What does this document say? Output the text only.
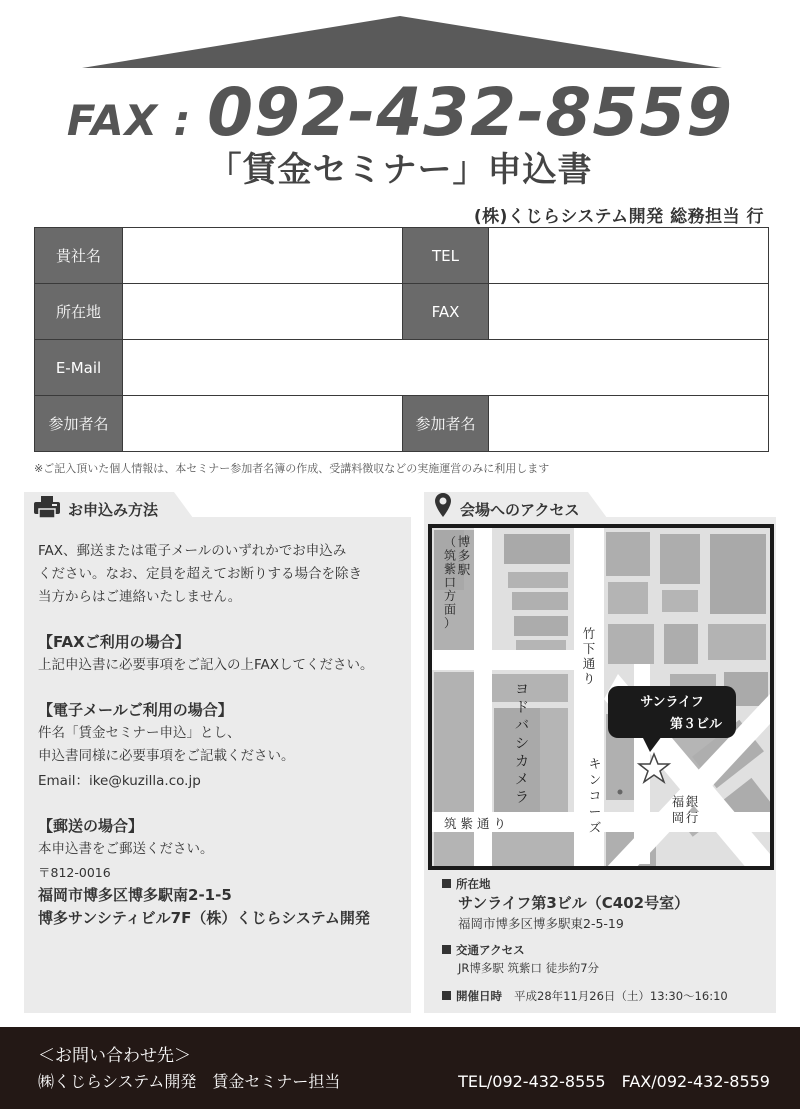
FAX : 092-432-8559
「賃金セミナー」申込書
(株)くじらシステム開発 総務担当 行
貴社名		TEL	
所在地		FAX	
E-Mail			
参加者名		参加者名	
※ご記入頂いた個人情報は、本セミナー参加者名簿の作成、受講料徴収などの実施運営のみに利用します
お申込み方法
FAX、郵送または電子メールのいずれかでお申込み
ください。なお、定員を超えてお断りする場合を除き
当方からはご連絡いたしません。
【FAXご利用の場合】
上記申込書に必要事項をご記入の上FAXしてください。
【電子メールご利用の場合】
件名「賃金セミナー申込」とし、
申込書同様に必要事項をご記載ください。
Email：ike@kuzilla.co.jp
【郵送の場合】
本申込書をご郵送ください。
〒812-0016
福岡市博多区博多駅南2-1-5
博多サンシティビル7F（株）くじらシステム開発
会場へのアクセス
サンライフ
第３ビル
博多駅
（筑紫口方面）
竹下通り
ヨドバシカメラ
キンコーズ
福岡
銀行
筑紫通り
所在地
サンライフ第3ビル（C402号室）
福岡市博多区博多駅東2-5-19
交通アクセス
JR博多駅 筑紫口 徒歩約7分
開催日時　 平成28年11月26日（土）13:30〜16:10
＜お問い合わせ先＞
㈱くじらシステム開発　賃金セミナー担当	TEL/092-432-8555　FAX/092-432-8559
